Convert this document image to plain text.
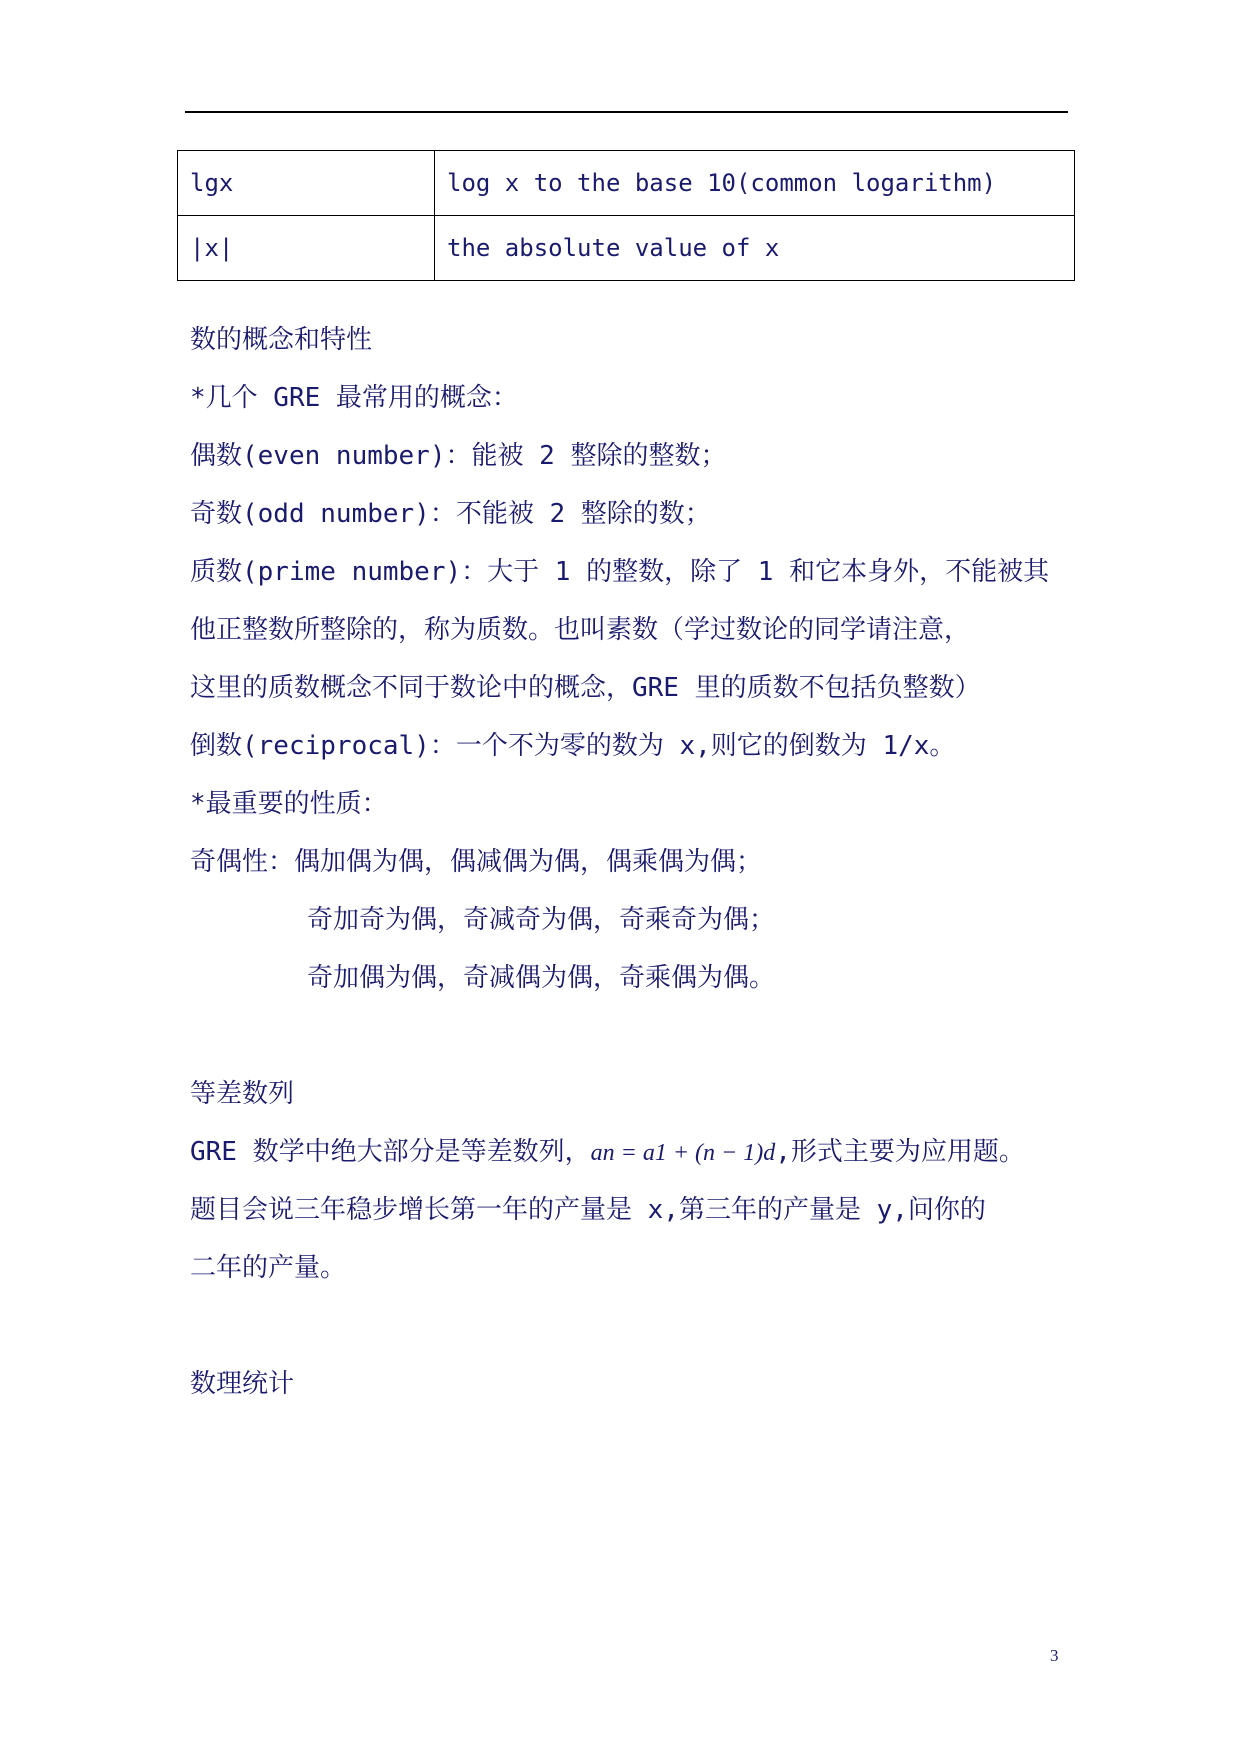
lgx	log x to the base 10(common logarithm)
|x|	the absolute value of x
数的概念和特性
*几个 GRE 最常用的概念：
偶数(even number)：能被 2 整除的整数；
奇数(odd number)：不能被 2 整除的数；
质数(prime number)：大于 1 的整数，除了 1 和它本身外，不能被其
他正整数所整除的，称为质数。也叫素数（学过数论的同学请注意，
这里的质数概念不同于数论中的概念，GRE 里的质数不包括负整数）
倒数(reciprocal)：一个不为零的数为 x,则它的倒数为 1/x。
*最重要的性质：
奇偶性：偶加偶为偶，偶减偶为偶，偶乘偶为偶；
奇加奇为偶，奇减奇为偶，奇乘奇为偶；
奇加偶为偶，奇减偶为偶，奇乘偶为偶。
等差数列
GRE 数学中绝大部分是等差数列，an = a1 + (n − 1)d,形式主要为应用题。
题目会说三年稳步增长第一年的产量是 x,第三年的产量是 y,问你的
二年的产量。
数理统计
3
